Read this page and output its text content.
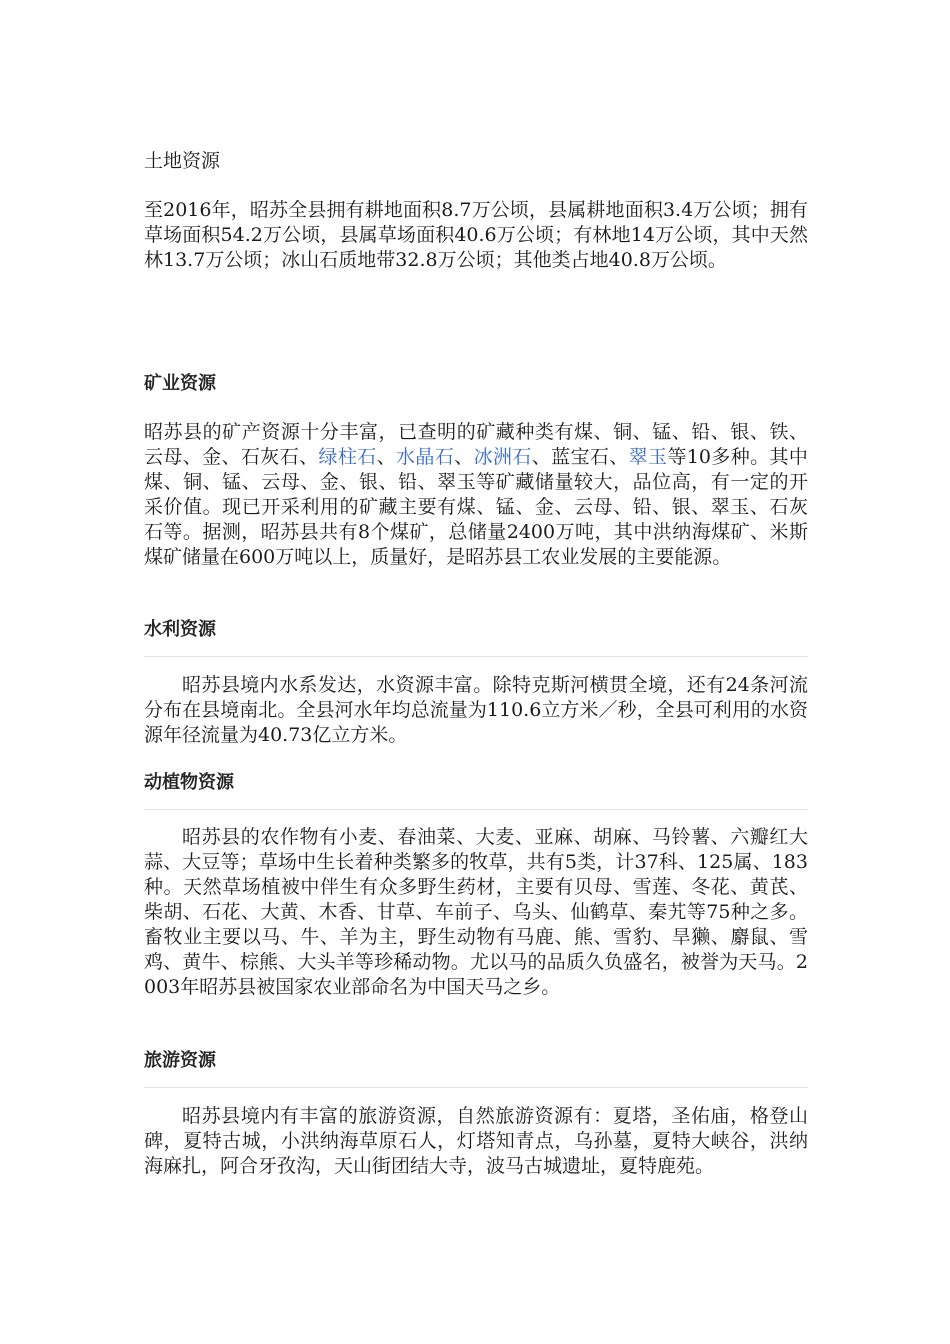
土地资源

至2016年，昭苏全县拥有耕地面积8.7万公顷，县属耕地面积3.4万公顷；拥有草场面积54.2万公顷，县属草场面积40.6万公顷；有林地14万公顷，其中天然林13.7万公顷；冰山石质地带32.8万公顷；其他类占地40.8万公顷。

矿业资源

昭苏县的矿产资源十分丰富，已查明的矿藏种类有煤、铜、锰、铅、银、铁、云母、金、石灰石、绿柱石、水晶石、冰洲石、蓝宝石、翠玉等10多种。其中煤、铜、锰、云母、金、银、铅、翠玉等矿藏储量较大，品位高，有一定的开采价值。现已开采利用的矿藏主要有煤、锰、金、云母、铅、银、翠玉、石灰石等。据测，昭苏县共有8个煤矿，总储量2400万吨，其中洪纳海煤矿、米斯煤矿储量在600万吨以上，质量好，是昭苏县工农业发展的主要能源。

水利资源

昭苏县境内水系发达，水资源丰富。除特克斯河横贯全境，还有24条河流分布在县境南北。全县河水年均总流量为110.6立方米／秒，全县可利用的水资源年径流量为40.73亿立方米。

动植物资源

昭苏县的农作物有小麦、春油菜、大麦、亚麻、胡麻、马铃薯、六瓣红大蒜、大豆等；草场中生长着种类繁多的牧草，共有5类，计37科、125属、183种。天然草场植被中伴生有众多野生药材，主要有贝母、雪莲、冬花、黄芪、柴胡、石花、大黄、木香、甘草、车前子、乌头、仙鹤草、秦艽等75种之多。畜牧业主要以马、牛、羊为主，野生动物有马鹿、熊、雪豹、旱獭、麝鼠、雪鸡、黄牛、棕熊、大头羊等珍稀动物。尤以马的品质久负盛名，被誉为天马。2003年昭苏县被国家农业部命名为中国天马之乡。

旅游资源

昭苏县境内有丰富的旅游资源，自然旅游资源有：夏塔，圣佑庙，格登山碑，夏特古城，小洪纳海草原石人，灯塔知青点，乌孙墓，夏特大峡谷，洪纳海麻扎，阿合牙孜沟，天山街团结大寺，波马古城遗址，夏特鹿苑。
